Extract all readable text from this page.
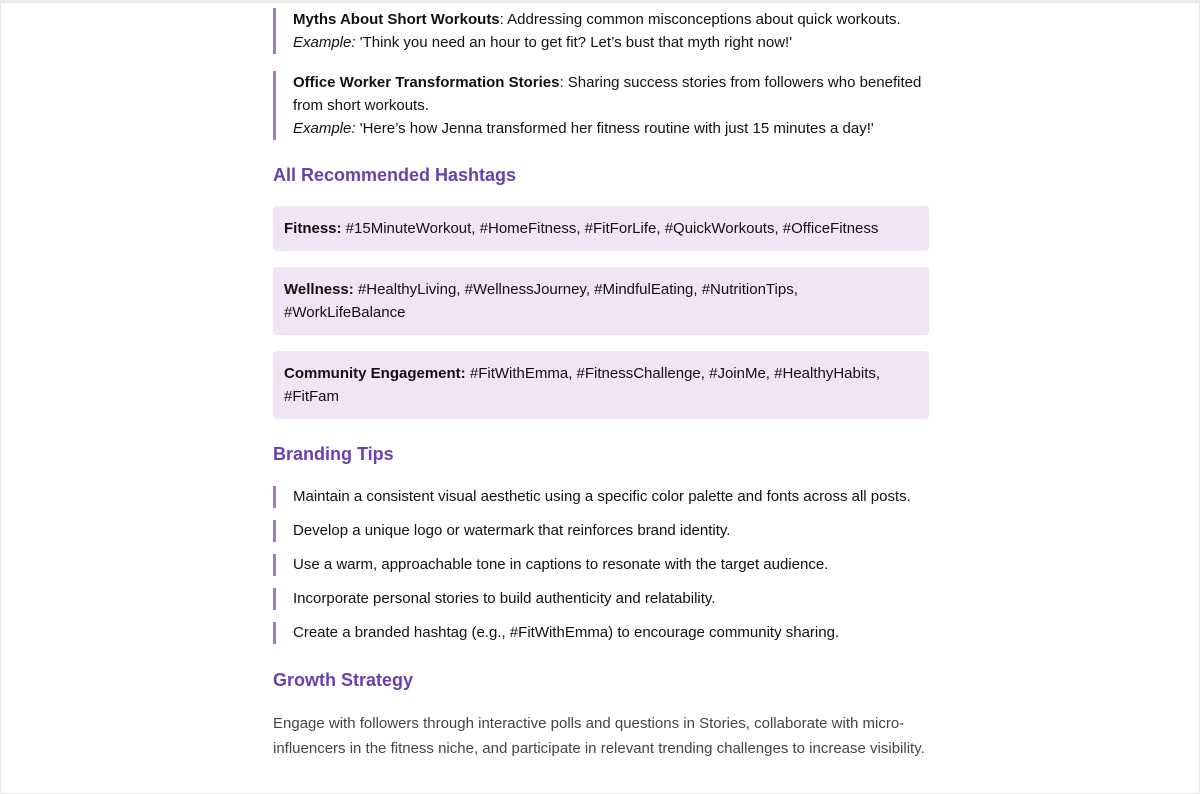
Myths About Short Workouts: Addressing common misconceptions about quick workouts.
Example: 'Think you need an hour to get fit? Let’s bust that myth right now!'
Office Worker Transformation Stories: Sharing success stories from followers who benefited from short workouts.
Example: 'Here’s how Jenna transformed her fitness routine with just 15 minutes a day!'
All Recommended Hashtags
Fitness: #15MinuteWorkout, #HomeFitness, #FitForLife, #QuickWorkouts, #OfficeFitness
Wellness: #HealthyLiving, #WellnessJourney, #MindfulEating, #NutritionTips, #WorkLifeBalance
Community Engagement: #FitWithEmma, #FitnessChallenge, #JoinMe, #HealthyHabits, #FitFam
Branding Tips
Maintain a consistent visual aesthetic using a specific color palette and fonts across all posts.
Develop a unique logo or watermark that reinforces brand identity.
Use a warm, approachable tone in captions to resonate with the target audience.
Incorporate personal stories to build authenticity and relatability.
Create a branded hashtag (e.g., #FitWithEmma) to encourage community sharing.
Growth Strategy

Engage with followers through interactive polls and questions in Stories, collaborate with micro-influencers in the fitness niche, and participate in relevant trending challenges to increase visibility.
